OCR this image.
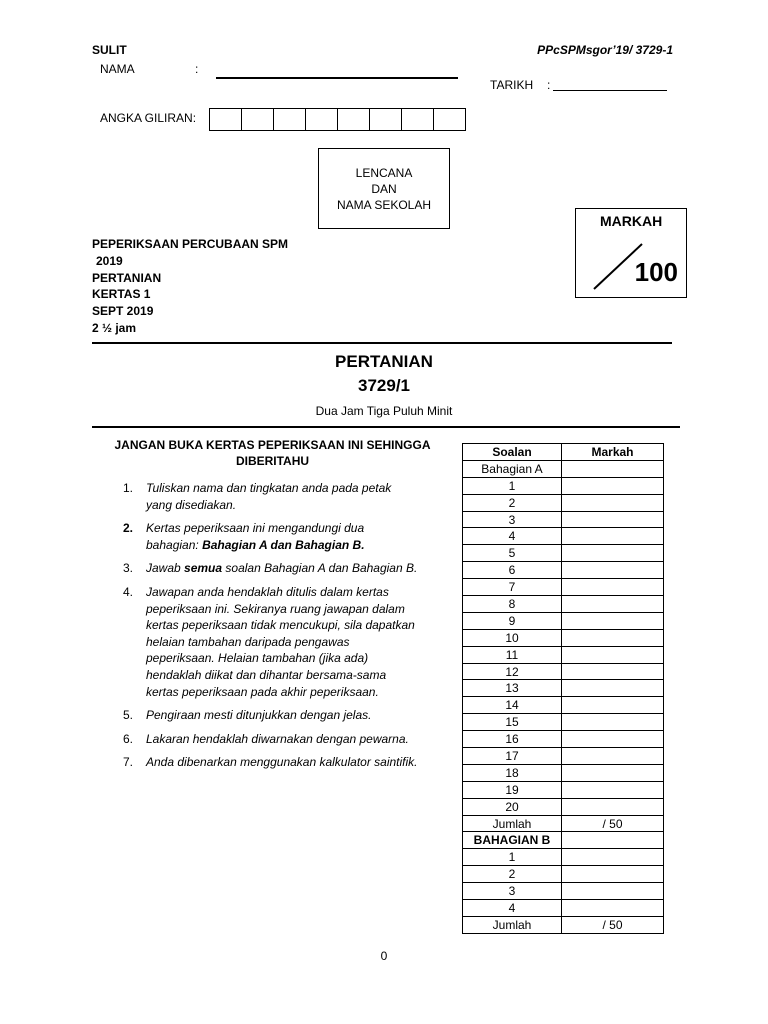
SULIT	PPcSPMsgor’19/ 3729-1
NAMA	:
TARIKH :
ANGKA GILIRAN:
LENCANA
DAN
NAMA SEKOLAH
MARKAH
100
PEPERIKSAAN PERCUBAAN SPM
2019
PERTANIAN
KERTAS 1
SEPT 2019
2 ½ jam
PERTANIAN
3729/1
Dua Jam Tiga Puluh Minit
JANGAN BUKA KERTAS PEPERIKSAAN INI SEHINGGA DIBERITAHU
1. Tuliskan nama dan tingkatan anda pada petak yang disediakan.
2. Kertas peperiksaan ini mengandungi dua bahagian: Bahagian A dan Bahagian B.
3. Jawab semua soalan Bahagian A dan Bahagian B.
4. Jawapan anda hendaklah ditulis dalam kertas peperiksaan ini. Sekiranya ruang jawapan dalam kertas peperiksaan tidak mencukupi, sila dapatkan helaian tambahan daripada pengawas peperiksaan. Helaian tambahan (jika ada) hendaklah diikat dan dihantar bersama-sama kertas peperiksaan pada akhir peperiksaan.
5. Pengiraan mesti ditunjukkan dengan jelas.
6. Lakaran hendaklah diwarnakan dengan pewarna.
7. Anda dibenarkan menggunakan kalkulator saintifik.
Soalan	Markah
Bahagian A	
1	
2	
3	
4	
5	
6	
7	
8	
9	
10	
11	
12	
13	
14	
15	
16	
17	
18	
19	
20	
Jumlah	/ 50
BAHAGIAN B	
1	
2	
3	
4	
Jumlah	/ 50
0
